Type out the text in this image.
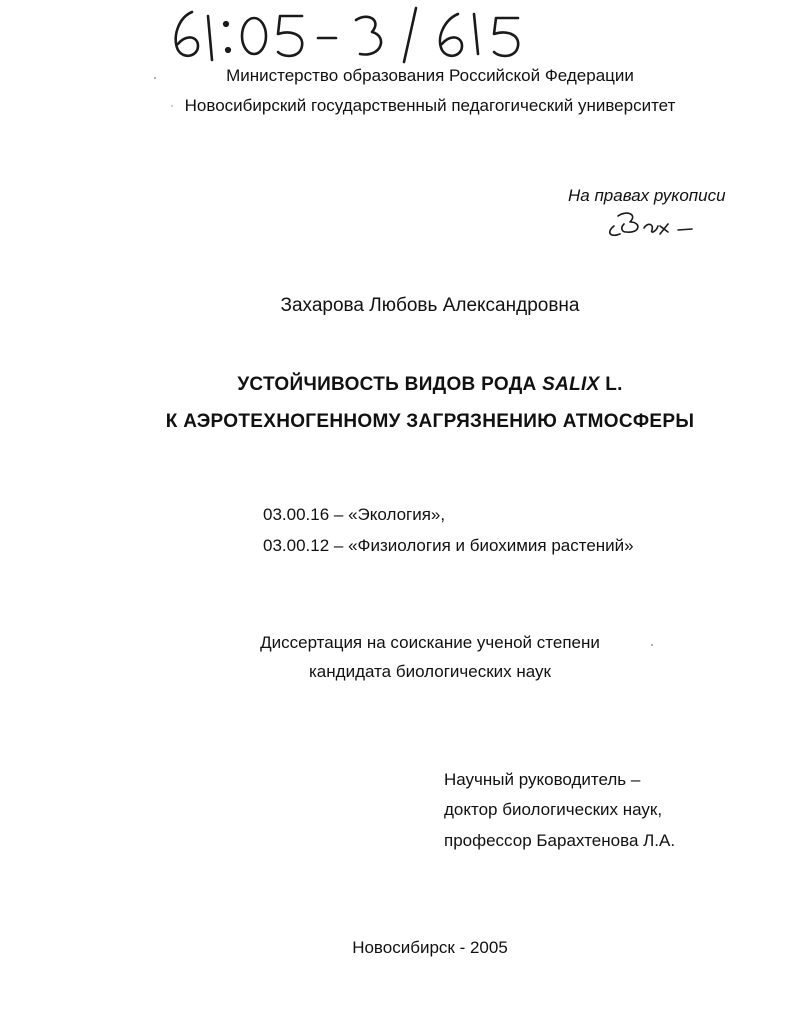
Министерство образования Российской Федерации
Новосибирский государственный педагогический университет
На правах рукописи
Захарова Любовь Александровна
УСТОЙЧИВОСТЬ ВИДОВ РОДА SALIX L.
К АЭРОТЕХНОГЕННОМУ ЗАГРЯЗНЕНИЮ АТМОСФЕРЫ
03.00.16 – «Экология»,
03.00.12 – «Физиология и биохимия растений»
Диссертация на соискание ученой степени
кандидата биологических наук
Научный руководитель –
доктор биологических наук,
профессор Барахтенова Л.А.
Новосибирск - 2005
